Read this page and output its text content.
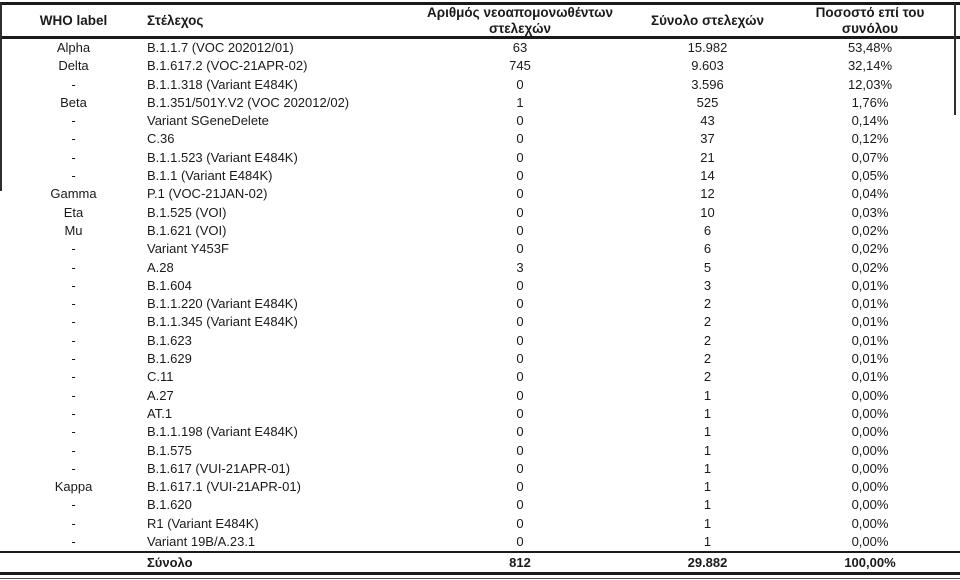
WHO label	Στέλεχος	Αριθμός νεοαπομονωθέντων στελεχών	Σύνολο στελεχών	Ποσοστό επί του συνόλου	
Alpha	B.1.1.7 (VOC 202012/01)	63	15.982	53,48%	
Delta	B.1.617.2 (VOC-21APR-02)	745	9.603	32,14%	
-	B.1.1.318 (Variant E484K)	0	3.596	12,03%	
Beta	B.1.351/501Y.V2 (VOC 202012/02)	1	525	1,76%	
-	Variant SGeneDelete	0	43	0,14%	
-	C.36	0	37	0,12%	
-	B.1.1.523 (Variant E484K)	0	21	0,07%	
-	B.1.1 (Variant E484K)	0	14	0,05%	
Gamma	P.1 (VOC-21JAN-02)	0	12	0,04%	
Eta	B.1.525 (VOI)	0	10	0,03%	
Mu	B.1.621 (VOI)	0	6	0,02%	
-	Variant Y453F	0	6	0,02%	
-	A.28	3	5	0,02%	
-	B.1.604	0	3	0,01%	
-	B.1.1.220 (Variant E484K)	0	2	0,01%	
-	B.1.1.345 (Variant E484K)	0	2	0,01%	
-	B.1.623	0	2	0,01%	
-	B.1.629	0	2	0,01%	
-	C.11	0	2	0,01%	
-	A.27	0	1	0,00%	
-	AT.1	0	1	0,00%	
-	B.1.1.198 (Variant E484K)	0	1	0,00%	
-	B.1.575	0	1	0,00%	
-	B.1.617 (VUI-21APR-01)	0	1	0,00%	
Kappa	B.1.617.1 (VUI-21APR-01)	0	1	0,00%	
-	B.1.620	0	1	0,00%	
-	R1 (Variant E484K)	0	1	0,00%	
-	Variant 19B/A.23.1	0	1	0,00%	
	Σύνολο	812	29.882	100,00%	
